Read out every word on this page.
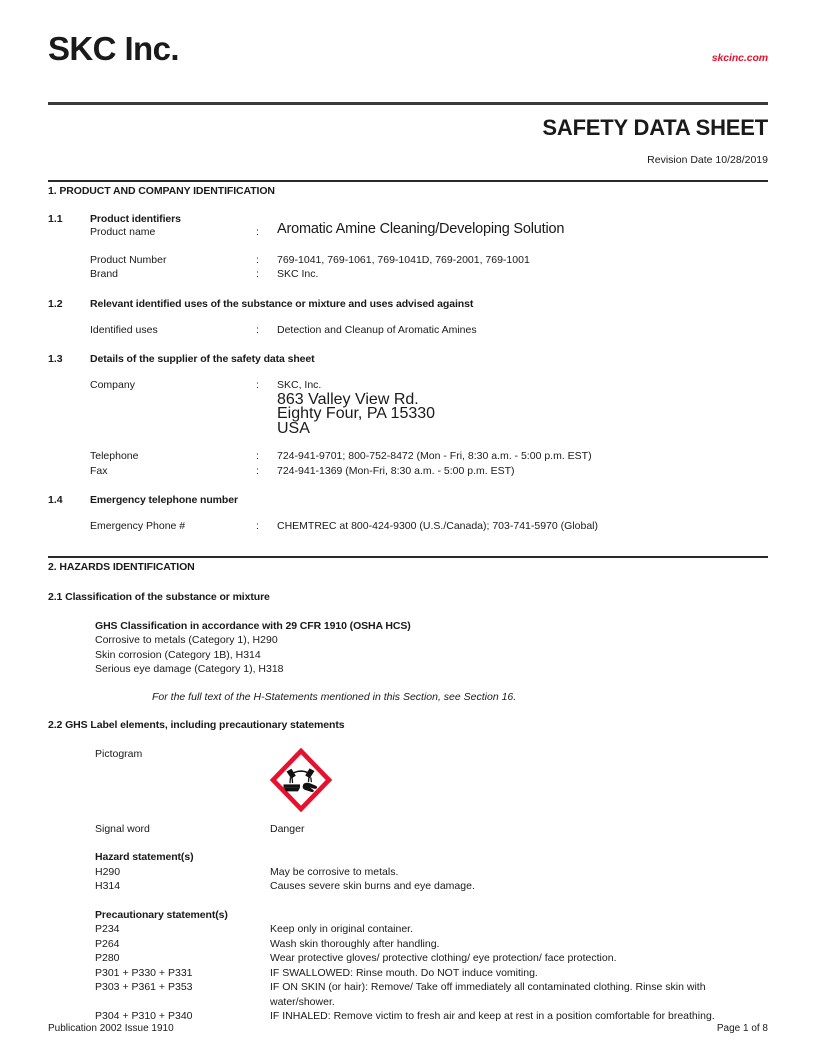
SKC Inc.	skcinc.com
SAFETY DATA SHEET
Revision Date 10/28/2019
1. PRODUCT AND COMPANY IDENTIFICATION
1.1	Product identifiers
Product name	: Aromatic Amine Cleaning/Developing Solution
Product Number	: 769-1041, 769-1061, 769-1041D, 769-2001, 769-1001
Brand	: SKC Inc.
1.2	Relevant identified uses of the substance or mixture and uses advised against
Identified uses	: Detection and Cleanup of Aromatic Amines
1.3	Details of the supplier of the safety data sheet
Company	: SKC, Inc.
863 Valley View Rd.
Eighty Four, PA 15330
USA
Telephone	: 724-941-9701; 800-752-8472 (Mon - Fri, 8:30 a.m. - 5:00 p.m. EST)
Fax	: 724-941-1369 (Mon-Fri, 8:30 a.m. - 5:00 p.m. EST)
1.4	Emergency telephone number
Emergency Phone #	: CHEMTREC at 800-424-9300 (U.S./Canada); 703-741-5970 (Global)
2. HAZARDS IDENTIFICATION
2.1 Classification of the substance or mixture
GHS Classification in accordance with 29 CFR 1910 (OSHA HCS)
Corrosive to metals (Category 1), H290
Skin corrosion (Category 1B), H314
Serious eye damage (Category 1), H318
For the full text of the H-Statements mentioned in this Section, see Section 16.
2.2 GHS Label elements, including precautionary statements
Pictogram
Signal word	Danger
Hazard statement(s)
H290	May be corrosive to metals.
H314	Causes severe skin burns and eye damage.
Precautionary statement(s)
P234	Keep only in original container.
P264	Wash skin thoroughly after handling.
P280	Wear protective gloves/ protective clothing/ eye protection/ face protection.
P301 + P330 + P331	IF SWALLOWED: Rinse mouth. Do NOT induce vomiting.
P303 + P361 + P353	IF ON SKIN (or hair): Remove/ Take off immediately all contaminated clothing. Rinse skin with water/shower.
P304 + P310 + P340	IF INHALED: Remove victim to fresh air and keep at rest in a position comfortable for breathing.
Publication 2002 Issue 1910	Page 1 of 8
